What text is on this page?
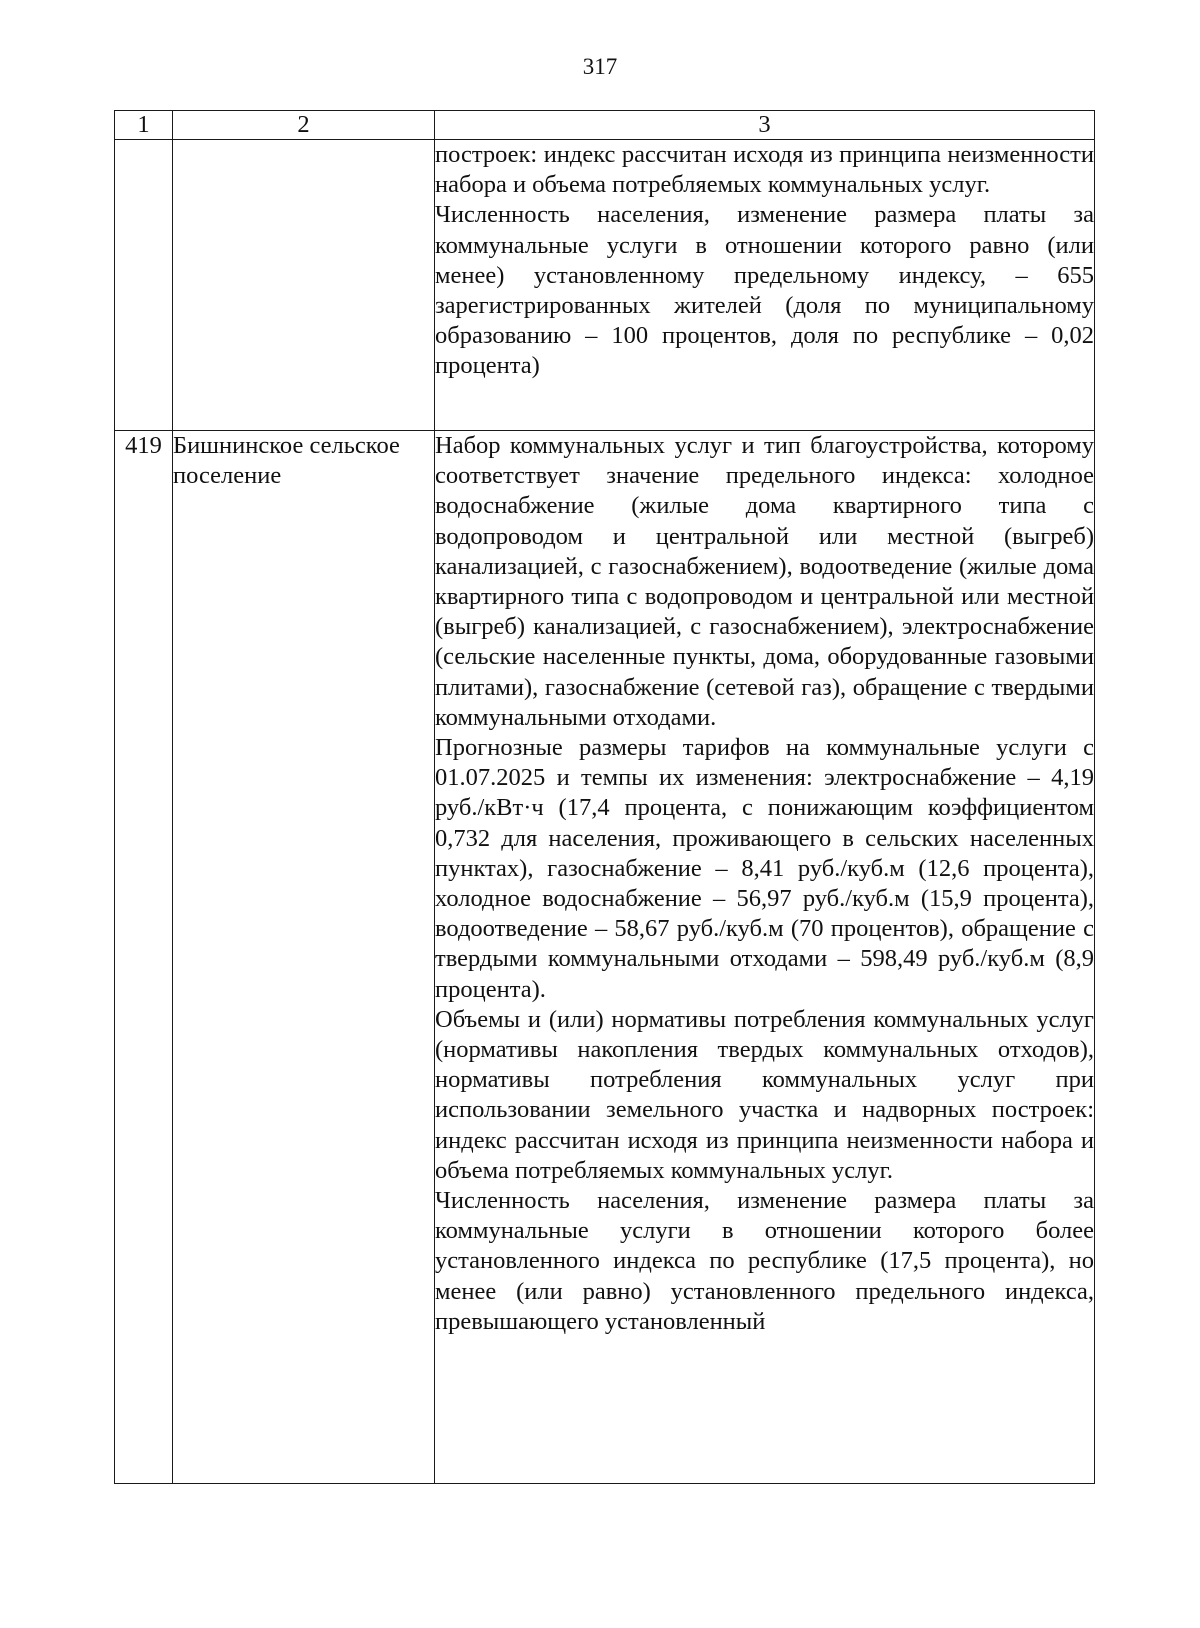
317
1	2	3

		построек: индекс рассчитан исходя из принципа неизменности набора и объема потребляемых коммунальных услуг.

Численность населения, изменение размера платы за коммунальные услуги в отношении которого равно (или менее) установленному предельному индексу, – 655 зарегистрированных жителей (доля по муниципальному образованию – 100 процентов, доля по республике – 0,02 процента)

419	Бишнинское сельское поселение	Набор коммунальных услуг и тип благоустройства, которому соответствует значение предельного индекса: холодное водоснабжение (жилые дома квартирного типа с водопроводом и центральной или местной (выгреб) канализацией, с газоснабжением), водоотведение (жилые дома квартирного типа с водопроводом и центральной или местной (выгреб) канализацией, с газоснабжением), электроснабжение (сельские населенные пункты, дома, оборудованные газовыми плитами), газоснабжение (сетевой газ), обращение с твердыми коммунальными отходами.

Прогнозные размеры тарифов на коммунальные услуги с 01.07.2025 и темпы их изменения: электроснабжение – 4,19 руб./кВт·ч (17,4 процента, с понижающим коэффициентом 0,732 для населения, проживающего в сельских населенных пунктах), газоснабжение – 8,41 руб./куб.м (12,6 процента), холодное водоснабжение – 56,97 руб./куб.м (15,9 процента), водоотведение – 58,67 руб./куб.м (70 процентов), обращение с твердыми коммунальными отходами – 598,49 руб./куб.м (8,9 процента).

Объемы и (или) нормативы потребления коммунальных услуг (нормативы накопления твердых коммунальных отходов), нормативы потребления коммунальных услуг при использовании земельного участка и надворных построек: индекс рассчитан исходя из принципа неизменности набора и объема потребляемых коммунальных услуг.

Численность населения, изменение размера платы за коммунальные услуги в отношении которого более установленного индекса по республике (17,5 процента), но менее (или равно) установленного предельного индекса, превышающего установленный
